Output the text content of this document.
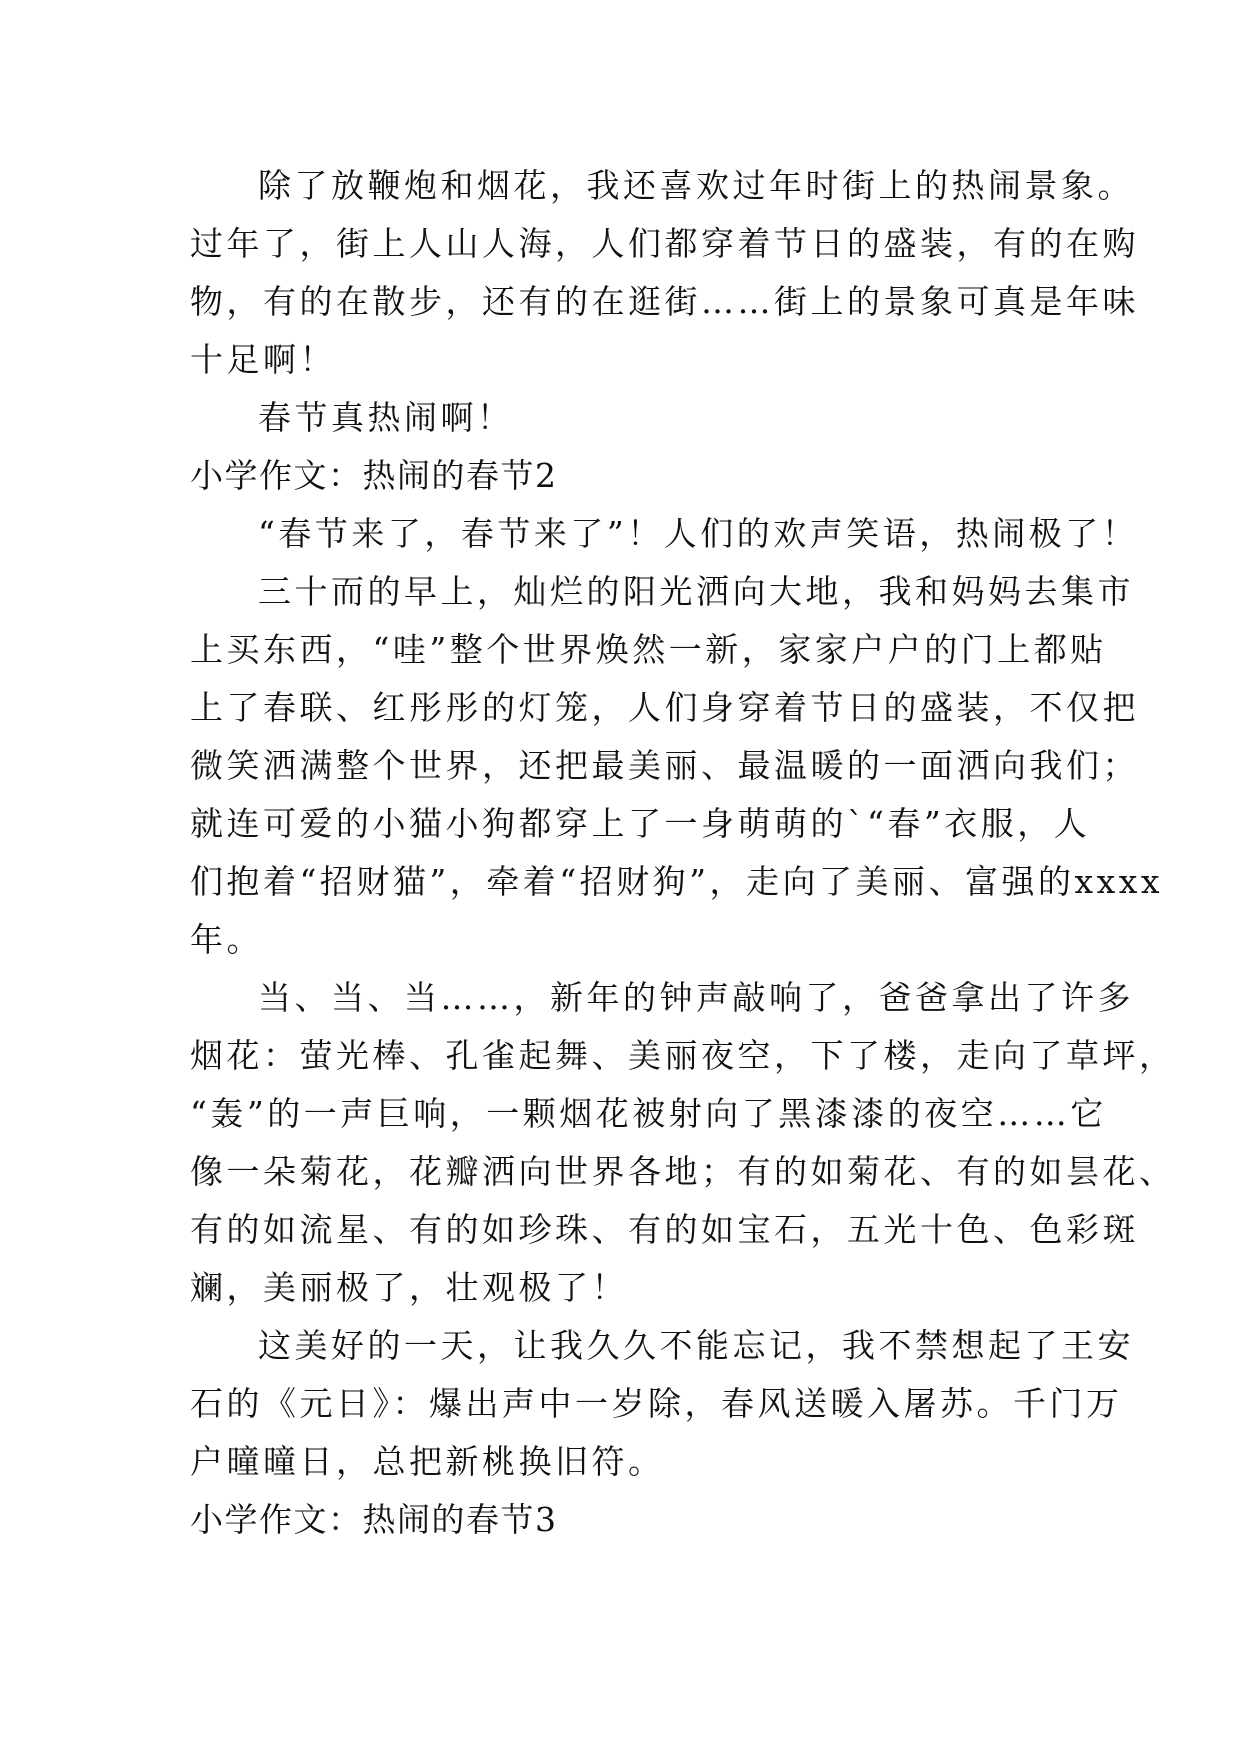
除了放鞭炮和烟花，我还喜欢过年时街上的热闹景象。
过年了，街上人山人海，人们都穿着节日的盛装，有的在购
物，有的在散步，还有的在逛街……街上的景象可真是年味
十足啊！
春节真热闹啊！
小学作文：热闹的春节2
“春节来了，春节来了”！人们的欢声笑语，热闹极了！
三十而的早上，灿烂的阳光洒向大地，我和妈妈去集市
上买东西，“哇”整个世界焕然一新，家家户户的门上都贴
上了春联、红彤彤的灯笼，人们身穿着节日的盛装，不仅把
微笑洒满整个世界，还把最美丽、最温暖的一面洒向我们；
就连可爱的小猫小狗都穿上了一身萌萌的`“春”衣服，人
们抱着“招财猫”，牵着“招财狗”，走向了美丽、富强的xxxx
年。
当、当、当……，新年的钟声敲响了，爸爸拿出了许多
烟花：萤光棒、孔雀起舞、美丽夜空，下了楼，走向了草坪，
“轰”的一声巨响，一颗烟花被射向了黑漆漆的夜空……它
像一朵菊花，花瓣洒向世界各地；有的如菊花、有的如昙花、
有的如流星、有的如珍珠、有的如宝石，五光十色、色彩斑
斓，美丽极了，壮观极了！
这美好的一天，让我久久不能忘记，我不禁想起了王安
石的《元日》：爆出声中一岁除，春风送暖入屠苏。千门万
户曈曈日，总把新桃换旧符。
小学作文：热闹的春节3
